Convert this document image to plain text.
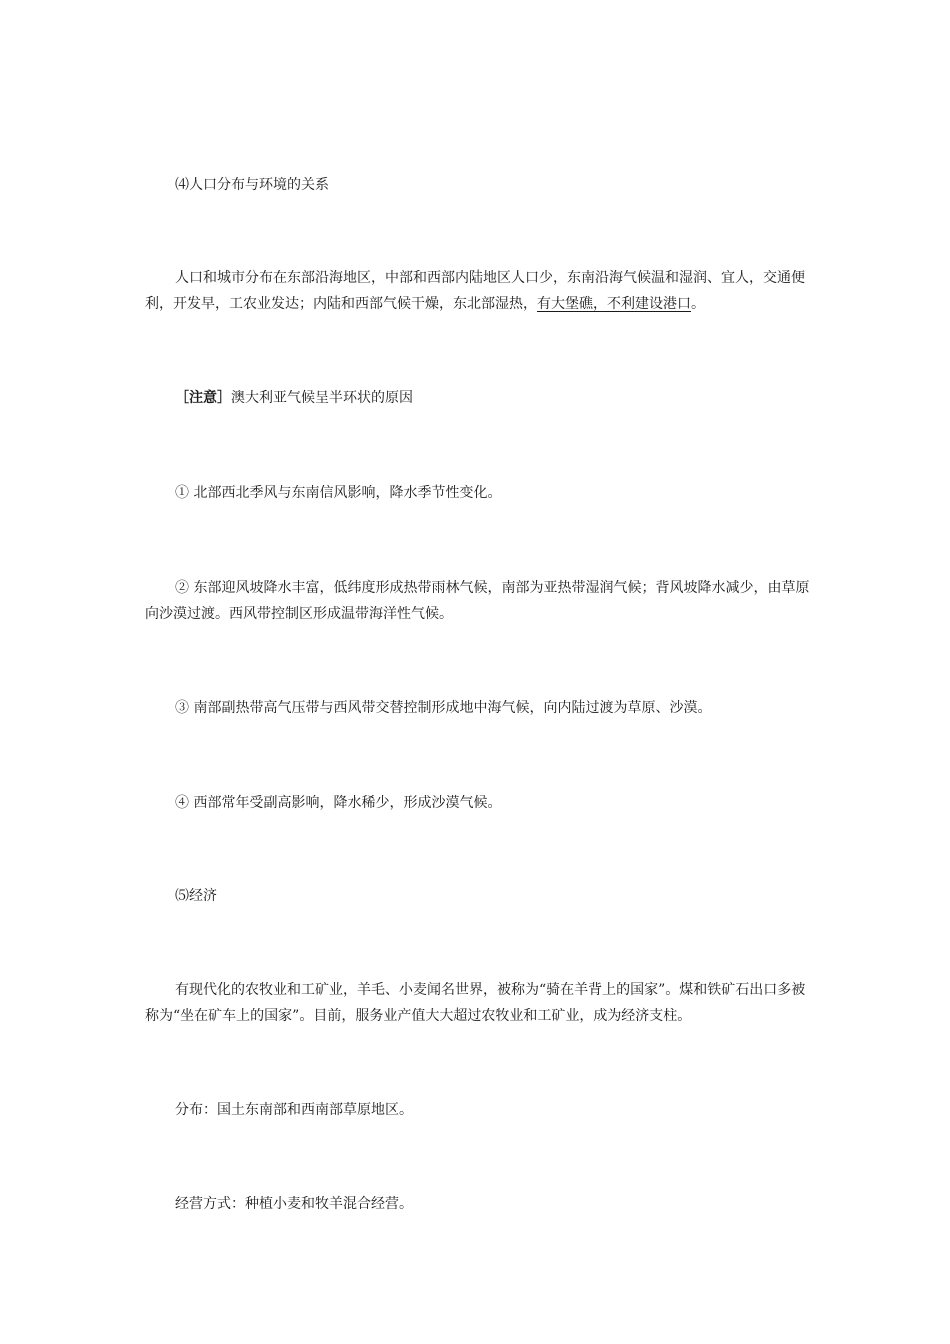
⑷人口分布与环境的关系

人口和城市分布在东部沿海地区，中部和西部内陆地区人口少，东南沿海气候温和湿润、宜人，交通便利，开发早，工农业发达；内陆和西部气候干燥，东北部湿热，有大堡礁，不利建设港口。

［注意］澳大利亚气候呈半环状的原因

① 北部西北季风与东南信风影响，降水季节性变化。

② 东部迎风坡降水丰富，低纬度形成热带雨林气候，南部为亚热带湿润气候；背风坡降水减少，由草原向沙漠过渡。西风带控制区形成温带海洋性气候。

③ 南部副热带高气压带与西风带交替控制形成地中海气候，向内陆过渡为草原、沙漠。

④ 西部常年受副高影响，降水稀少，形成沙漠气候。

⑸经济

有现代化的农牧业和工矿业，羊毛、小麦闻名世界，被称为“骑在羊背上的国家”。煤和铁矿石出口多被称为“坐在矿车上的国家”。目前，服务业产值大大超过农牧业和工矿业，成为经济支柱。

分布：国土东南部和西南部草原地区。

经营方式：种植小麦和牧羊混合经营。
